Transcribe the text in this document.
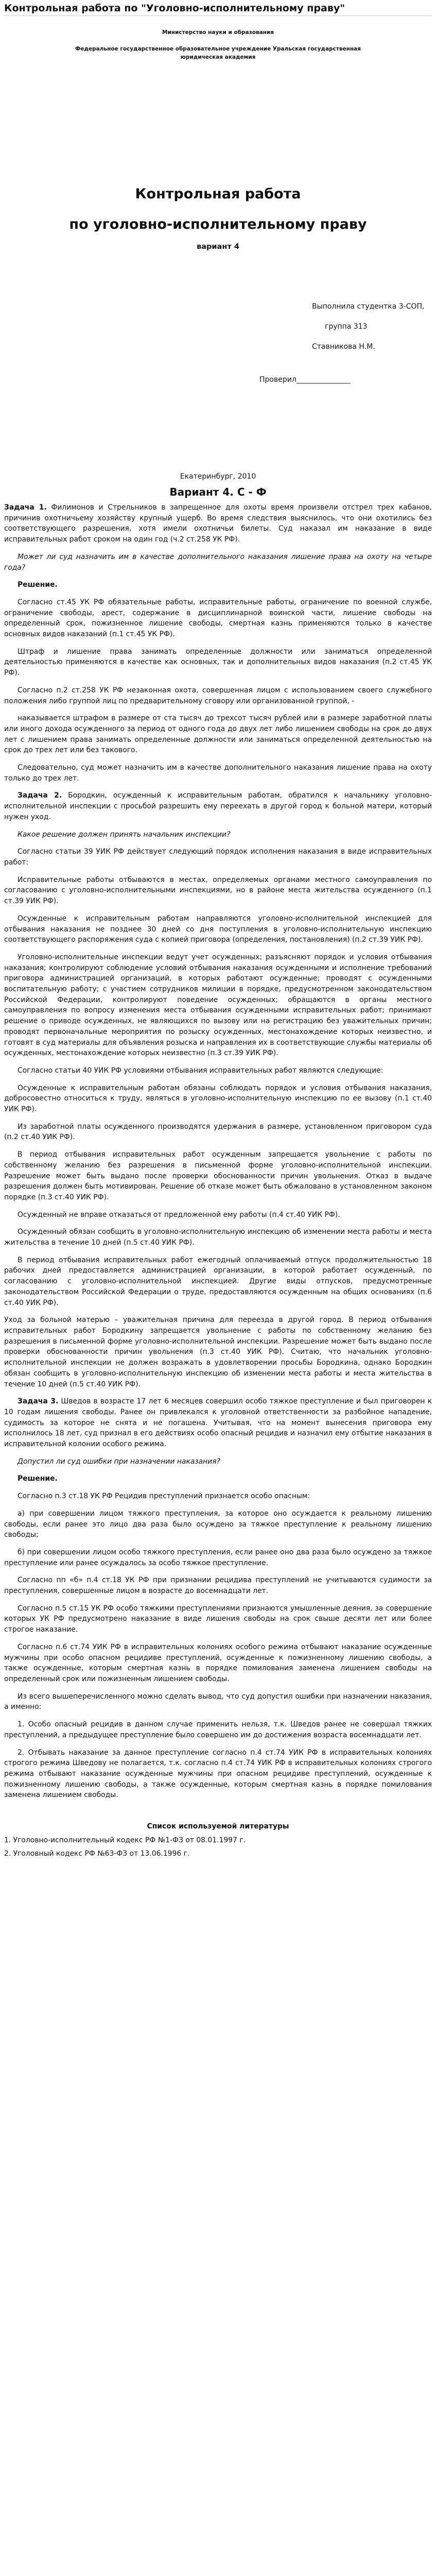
Контрольная работа по "Уголовно-исполнительному праву"
Министерство науки и образования
Федеральное государственное образовательное учреждение Уральская государственная юридическая академия
Контрольная работа
по уголовно-исполнительному праву
вариант 4
Выполнила студентка 3-СОП,
группа 313
Ставникова Н.М.
Проверил_______________
Екатеринбург, 2010
Вариант 4. С - Ф

Задача 1. Филимонов и Стрельников в запрещенное для охоты время произвели отстрел трех кабанов, причинив охотничьему хозяйству крупный ущерб. Во время следствия выяснилось, что они охотились без соответствующего разрешения, хотя имели охотничьи билеты. Суд наказал им наказание в виде исправительных работ сроком на один год (ч.2 ст.258 УК РФ).

Может ли суд назначить им в качестве дополнительного наказания лишение права на охоту на четыре года?

Решение.

Согласно ст.45 УК РФ обязательные работы, исправительные работы, ограничение по военной службе, ограничение свободы, арест, содержание в дисциплинарной воинской части, лишение свободы на определенный срок, пожизненное лишение свободы, смертная казнь применяются только в качестве основных видов наказаний (п.1 ст.45 УК РФ).

Штраф и лишение права занимать определенные должности или заниматься определенной деятельностью применяются в качестве как основных, так и дополнительных видов наказания (п.2 ст.45 УК РФ).

Согласно п.2 ст.258 УК РФ незаконная охота, совершенная лицом с использованием своего служебного положения либо группой лиц по предварительному сговору или организованной группой, -

наказывается штрафом в размере от ста тысяч до трехсот тысяч рублей или в размере заработной платы или иного дохода осужденного за период от одного года до двух лет либо лишением свободы на срок до двух лет с лишением права занимать определенные должности или заниматься определенной деятельностью на срок до трех лет или без такового.

Следовательно, суд может назначить им в качестве дополнительного наказания лишение права на охоту только до трех лет.

Задача 2. Бородкин, осужденный к исправительным работам, обратился к начальнику уголовно-исполнительной инспекции с просьбой разрешить ему переехать в другой город к больной матери, который нужен уход.

Какое решение должен принять начальник инспекции?

Согласно статьи 39 УИК РФ действует следующий порядок исполнения наказания в виде исправительных работ:

Исправительные работы отбываются в местах, определяемых органами местного самоуправления по согласованию с уголовно-исполнительными инспекциями, но в районе места жительства осужденного (п.1 ст.39 УИК РФ).

Осужденные к исправительным работам направляются уголовно-исполнительной инспекцией для отбывания наказания не позднее 30 дней со дня поступления в уголовно-исполнительную инспекцию соответствующего распоряжения суда с копией приговора (определения, постановления) (п.2 ст.39 УИК РФ).

Уголовно-исполнительные инспекции ведут учет осужденных; разъясняют порядок и условия отбывания наказания; контролируют соблюдение условий отбывания наказания осужденными и исполнение требований приговора администрацией организаций, в которых работают осужденные; проводят с осужденными воспитательную работу; с участием сотрудников милиции в порядке, предусмотренном законодательством Российской Федерации, контролируют поведение осужденных; обращаются в органы местного самоуправления по вопросу изменения места отбывания осужденными исправительных работ; принимают решение о приводе осужденных, не являющихся по вызову или на регистрацию без уважительных причин; проводят первоначальные мероприятия по розыску осужденных, местонахождение которых неизвестно, и готовят в суд материалы для объявления розыска и направления их в соответствующие службы материалы об осужденных, местонахождение которых неизвестно (п.3 ст.39 УИК РФ).

Согласно статьи 40 УИК РФ условиями отбывания исправительных работ являются следующие:

Осужденные к исправительным работам обязаны соблюдать порядок и условия отбывания наказания, добросовестно относиться к труду, являться в уголовно-исполнительную инспекцию по ее вызову (п.1 ст.40 УИК РФ).

Из заработной платы осужденного производятся удержания в размере, установленном приговором суда (п.2 ст.40 УИК РФ).

В период отбывания исправительных работ осужденным запрещается увольнение с работы по собственному желанию без разрешения в письменной форме уголовно-исполнительной инспекции. Разрешение может быть выдано после проверки обоснованности причин увольнения. Отказ в выдаче разрешения должен быть мотивирован. Решение об отказе может быть обжаловано в установленном законом порядке (п.3 ст.40 УИК РФ).

Осужденный не вправе отказаться от предложенной ему работы (п.4 ст.40 УИК РФ).

Осужденный обязан сообщить в уголовно-исполнительную инспекцию об изменении места работы и места жительства в течение 10 дней (п.5 ст.40 УИК РФ).

В период отбывания исправительных работ ежегодный оплачиваемый отпуск продолжительностью 18 рабочих дней предоставляется администрацией организации, в которой работает осужденный, по согласованию с уголовно-исполнительной инспекцией. Другие виды отпусков, предусмотренные законодательством Российской Федерации о труде, предоставляются осужденным на общих основаниях (п.6 ст.40 УИК РФ).

Уход за больной матерью – уважительная причина для переезда в другой город. В период отбывания исправительных работ Бородкину запрещается увольнение с работы по собственному желанию без разрешения в письменной форме уголовно-исполнительной инспекции. Разрешение может быть выдано после проверки обоснованности причин увольнения (п.3 ст.40 УИК РФ). Считаю, что начальник уголовно-исполнительной инспекции не должен возражать в удовлетворении просьбы Бородкина, однако Бородкин обязан сообщить в уголовно-исполнительную инспекцию об изменении места работы и места жительства в течение 10 дней (п.5 ст.40 УИК РФ).

Задача 3. Шведов в возрасте 17 лет 6 месяцев совершил особо тяжкое преступление и был приговорен к 10 годам лишения свободы. Ранее он привлекался к уголовной ответственности за разбойное нападение, судимость за которое не снята и не погашена. Учитывая, что на момент вынесения приговора ему исполнилось 18 лет, суд признал в его действиях особо опасный рецидив и назначил ему отбытие наказания в исправительной колонии особого режима.

Допустил ли суд ошибки при назначении наказания?

Решение.

Согласно п.3 ст.18 УК РФ Рецидив преступлений признается особо опасным:

а) при совершении лицом тяжкого преступления, за которое оно осуждается к реальному лишению свободы, если ранее это лицо два раза было осуждено за тяжкое преступление к реальному лишению свободы;

б) при совершении лицом особо тяжкого преступления, если ранее оно два раза было осуждено за тяжкое преступление или ранее осуждалось за особо тяжкое преступление.

Согласно пп «б» п.4 ст.18 УК РФ при признании рецидива преступлений не учитываются судимости за преступления, совершенные лицом в возрасте до восемнадцати лет.

Согласно п.5 ст.15 УК РФ особо тяжкими преступлениями признаются умышленные деяния, за совершение которых УК РФ предусмотрено наказание в виде лишения свободы на срок свыше десяти лет или более строгое наказание.

Согласно п.6 ст.74 УИК РФ в исправительных колониях особого режима отбывают наказание осужденные мужчины при особо опасном рецидиве преступлений, осужденные к пожизненному лишению свободы, а также осужденные, которым смертная казнь в порядке помилования заменена лишением свободы на определенный срок или пожизненным лишением свободы.

Из всего вышеперечисленного можно сделать вывод, что суд допустил ошибки при назначении наказания, а именно:

1. Особо опасный рецидив в данном случае применить нельзя, т.к. Шведов ранее не совершал тяжких преступлений, а предыдущее преступление было совершено им до достижения возраста восемнадцати лет.

2. Отбывать наказание за данное преступление согласно п.4 ст.74 УИК РФ в исправительных колониях строгого режима Шведову не полагается, т.к. согласно п.4 ст.74 УИК РФ в исправительных колониях строгого режима отбывают наказание осужденные мужчины при опасном рецидиве преступлений, осужденные к пожизненному лишению свободы, а также осужденные, которым смертная казнь в порядке помилования заменена лишением свободы.

Список используемой литературы

1. Уголовно-исполнительный кодекс РФ №1-ФЗ от 08.01.1997 г.

2. Уголовный кодекс РФ №63-ФЗ от 13.06.1996 г.
